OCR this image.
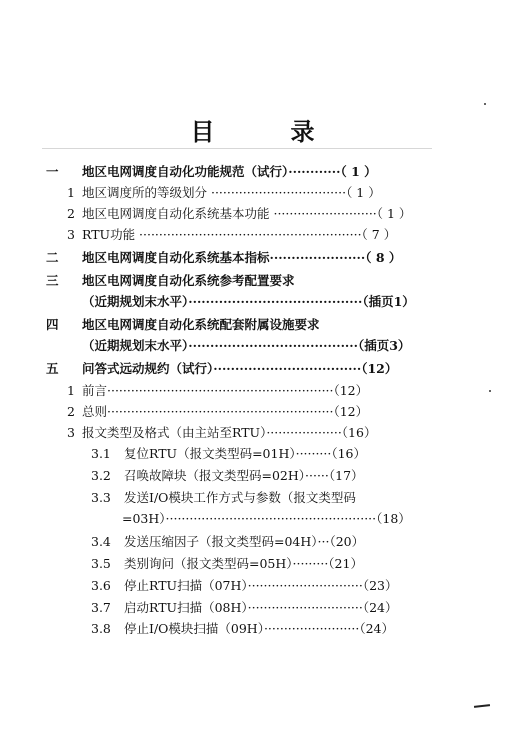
目　录
一 地区电网调度自动化功能规范（试行）············（ 1 ）
1 地区调度所的等级划分 ··································（ 1 ）
2 地区电网调度自动化系统基本功能 ··························（ 1 ）
3 RTU功能 ························································（ 7 ）
二 地区电网调度自动化系统基本指标······················（ 8 ）
三 地区电网调度自动化系统参考配置要求
（近期规划末水平）········································（插页1）
四 地区电网调度自动化系统配套附属设施要求
（近期规划末水平）·······································（插页3）
五 问答式远动规约（试行）··································（12）
1 前言·························································（12）
2 总则·························································（12）
3 报文类型及格式（由主站至RTU）···················（16）
3.1 复位RTU（报文类型码=01H）·········（16）
3.2 召唤故障块（报文类型码=02H）······（17）
3.3 发送I/O模块工作方式与参数（报文类型码
=03H）·····················································（18）
3.4 发送压缩因子（报文类型码=04H）···（20）
3.5 类别询问（报文类型码=05H）·········（21）
3.6 停止RTU扫描（07H）·····························（23）
3.7 启动RTU扫描（08H）·····························（24）
3.8 停止I/O模块扫描（09H）························（24）
